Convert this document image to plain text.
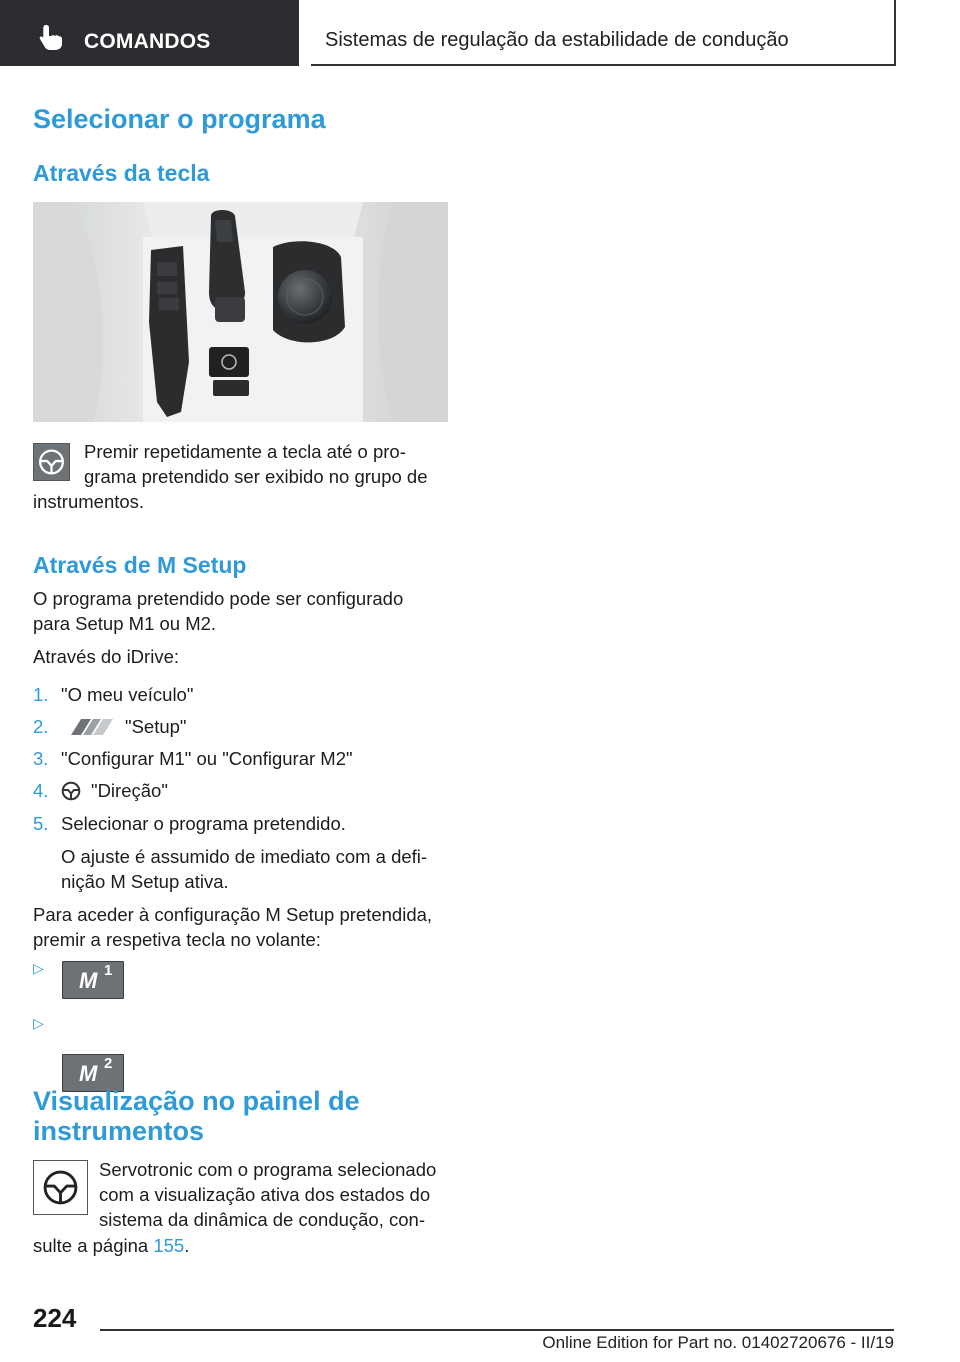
COMANDOS	Sistemas de regulação da estabilidade de condução
Selecionar o programa
Através da tecla
Premir repetidamente a tecla até o pro-
grama pretendido ser exibido no grupo de
instrumentos.
Através de M Setup
O programa pretendido pode ser configurado
para Setup M1 ou M2.
Através do iDrive:
1. "O meu veículo"
2.	"Setup"
3. "Configurar M1" ou "Configurar M2"
4. "Direção"
5. Selecionar o programa pretendido.
O ajuste é assumido de imediato com a defi-
nição M Setup ativa.
Para aceder à configuração M Setup pretendida,
premir a respetiva tecla no volante:
▷ M 1
▷
M 2
Visualização no painel de
instrumentos
Servotronic com o programa selecionado
com a visualização ativa dos estados do
sistema da dinâmica de condução, con-
sulte a página 155.
224
Online Edition for Part no. 01402720676 - II/19
